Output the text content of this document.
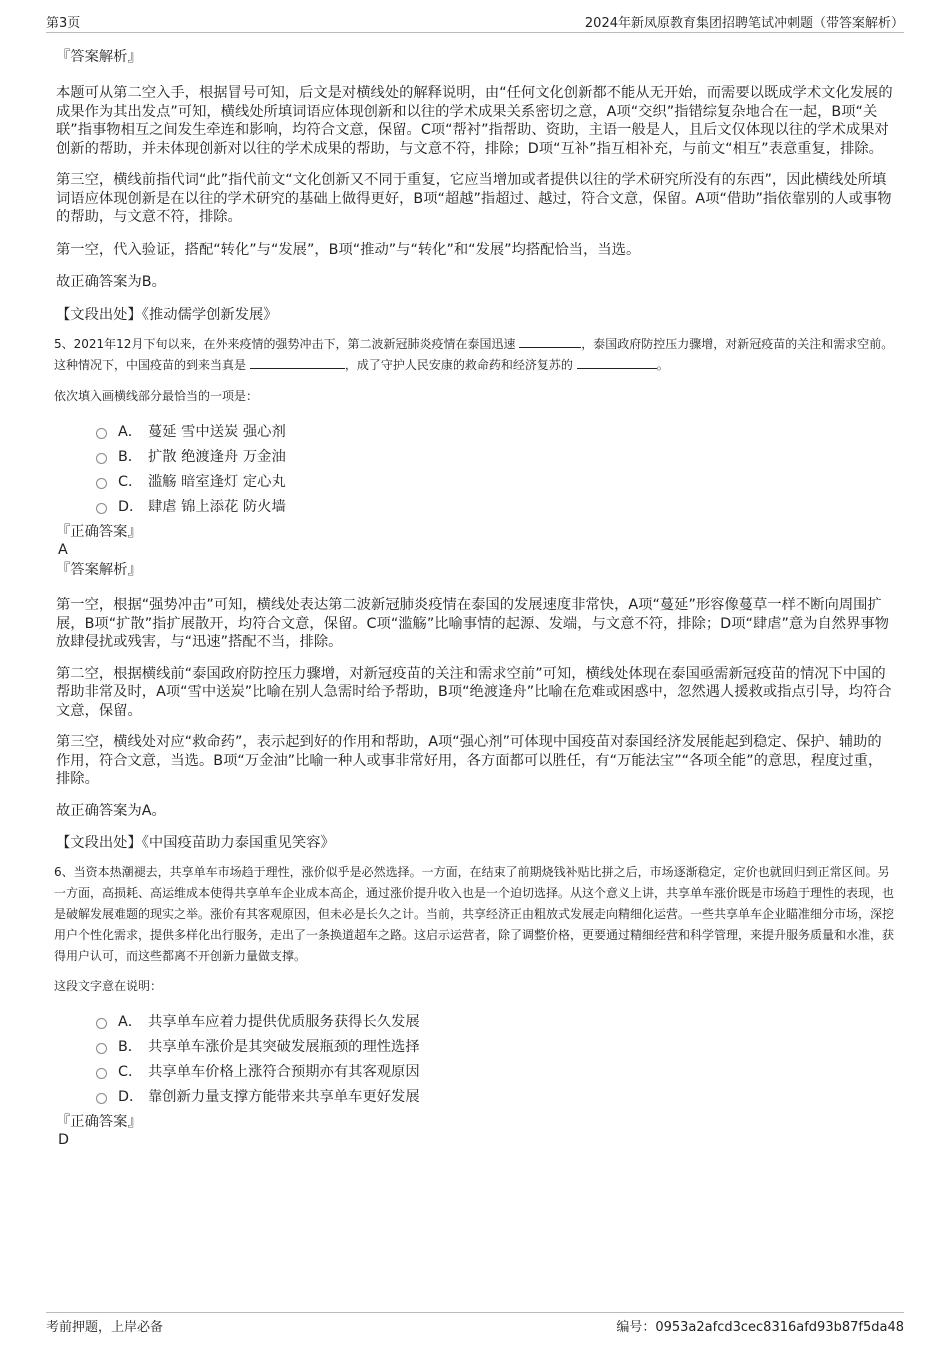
第3页	2024年新凤原教育集团招聘笔试冲刺题（带答案解析）

『答案解析』

本题可从第二空入手，根据冒号可知，后文是对横线处的解释说明，由“任何文化创新都不能从无开始，而需要以既成学术文化发展的成果作为其出发点”可知，横线处所填词语应体现创新和以往的学术成果关系密切之意，A项“交织”指错综复杂地合在一起，B项“关联”指事物相互之间发生牵连和影响，均符合文意，保留。C项“帮衬”指帮助、资助，主语一般是人，且后文仅体现以往的学术成果对创新的帮助，并未体现创新对以往的学术成果的帮助，与文意不符，排除；D项“互补”指互相补充，与前文“相互”表意重复，排除。

第三空，横线前指代词“此”指代前文“文化创新又不同于重复，它应当增加或者提供以往的学术研究所没有的东西”，因此横线处所填词语应体现创新是在以往的学术研究的基础上做得更好，B项“超越”指超过、越过，符合文意，保留。A项“借助”指依靠别的人或事物的帮助，与文意不符，排除。

第一空，代入验证，搭配“转化”与“发展”，B项“推动”与“转化”和“发展”均搭配恰当，当选。

故正确答案为B。

【文段出处】《推动儒学创新发展》

5、2021年12月下旬以来，在外来疫情的强势冲击下，第二波新冠肺炎疫情在泰国迅速	，泰国政府防控压力骤增，对新冠疫苗的关注和需求空前。这种情况下，中国疫苗的到来当真是	，成了守护人民安康的救命药和经济复苏的	。

依次填入画横线部分最恰当的一项是：

A． 蔓延 雪中送炭 强心剂
B． 扩散 绝渡逢舟 万金油
C． 滥觞 暗室逢灯 定心丸
D． 肆虐 锦上添花 防火墙

『正确答案』

A

『答案解析』

第一空，根据“强势冲击”可知，横线处表达第二波新冠肺炎疫情在泰国的发展速度非常快，A项“蔓延”形容像蔓草一样不断向周围扩展，B项“扩散”指扩展散开，均符合文意，保留。C项“滥觞”比喻事情的起源、发端，与文意不符，排除；D项“肆虐”意为自然界事物放肆侵扰或残害，与“迅速”搭配不当，排除。

第二空，根据横线前“泰国政府防控压力骤增，对新冠疫苗的关注和需求空前”可知，横线处体现在泰国亟需新冠疫苗的情况下中国的帮助非常及时，A项“雪中送炭”比喻在别人急需时给予帮助，B项“绝渡逢舟”比喻在危难或困惑中，忽然遇人援救或指点引导，均符合文意，保留。

第三空，横线处对应“救命药”，表示起到好的作用和帮助，A项“强心剂”可体现中国疫苗对泰国经济发展能起到稳定、保护、辅助的作用，符合文意，当选。B项“万金油”比喻一种人或事非常好用，各方面都可以胜任，有“万能法宝”“各项全能”的意思，程度过重，排除。

故正确答案为A。

【文段出处】《中国疫苗助力泰国重见笑容》

6、当资本热潮褪去，共享单车市场趋于理性，涨价似乎是必然选择。一方面，在结束了前期烧钱补贴比拼之后，市场逐渐稳定，定价也就回归到正常区间。另一方面，高损耗、高运维成本使得共享单车企业成本高企，通过涨价提升收入也是一个迫切选择。从这个意义上讲，共享单车涨价既是市场趋于理性的表现，也是破解发展难题的现实之举。涨价有其客观原因，但未必是长久之计。当前，共享经济正由粗放式发展走向精细化运营。一些共享单车企业瞄准细分市场，深挖用户个性化需求，提供多样化出行服务，走出了一条换道超车之路。这启示运营者，除了调整价格，更要通过精细经营和科学管理，来提升服务质量和水准，获得用户认可，而这些都离不开创新力量做支撑。

这段文字意在说明：

A． 共享单车应着力提供优质服务获得长久发展
B． 共享单车涨价是其突破发展瓶颈的理性选择
C． 共享单车价格上涨符合预期亦有其客观原因
D． 靠创新力量支撑方能带来共享单车更好发展

『正确答案』

D

考前押题，上岸必备	编号：0953a2afcd3cec8316afd93b87f5da48
